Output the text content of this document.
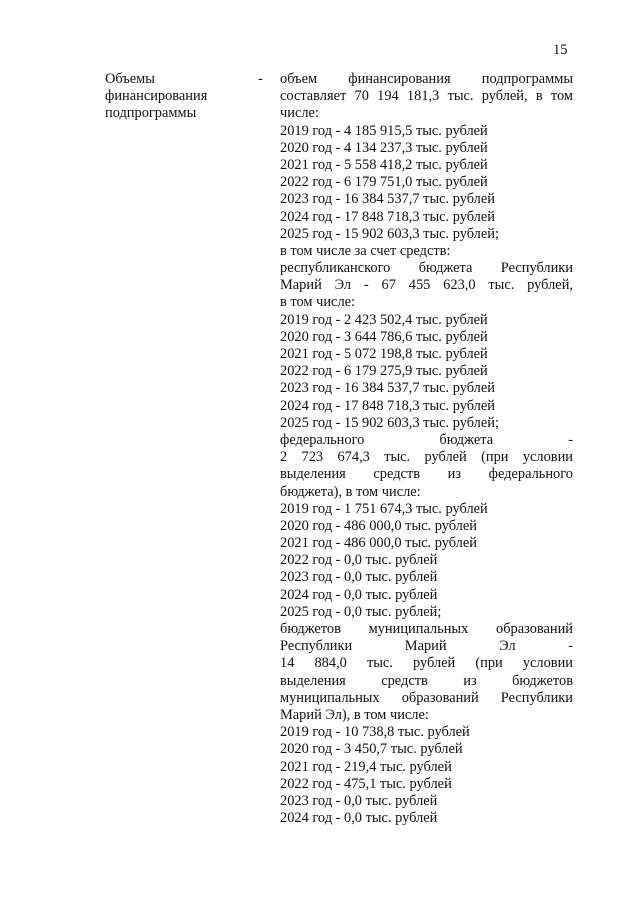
15
Объемы
финансирования
подпрограммы
- объем финансирования подпрограммы
составляет 70 194 181,3 тыс. рублей, в том
числе:
2019 год - 4 185 915,5 тыс. рублей
2020 год - 4 134 237,3 тыс. рублей
2021 год - 5 558 418,2 тыс. рублей
2022 год - 6 179 751,0 тыс. рублей
2023 год - 16 384 537,7 тыс. рублей
2024 год - 17 848 718,3 тыс. рублей
2025 год - 15 902 603,3 тыс. рублей;
в том числе за счет средств:
республиканского бюджета Республики
Марий Эл - 67 455 623,0 тыс. рублей,
в том числе:
2019 год - 2 423 502,4 тыс. рублей
2020 год - 3 644 786,6 тыс. рублей
2021 год - 5 072 198,8 тыс. рублей
2022 год - 6 179 275,9 тыс. рублей
2023 год - 16 384 537,7 тыс. рублей
2024 год - 17 848 718,3 тыс. рублей
2025 год - 15 902 603,3 тыс. рублей;
федерального бюджета -
2 723 674,3 тыс. рублей (при условии
выделения средств из федерального
бюджета), в том числе:
2019 год - 1 751 674,3 тыс. рублей
2020 год - 486 000,0 тыс. рублей
2021 год - 486 000,0 тыс. рублей
2022 год - 0,0 тыс. рублей
2023 год - 0,0 тыс. рублей
2024 год - 0,0 тыс. рублей
2025 год - 0,0 тыс. рублей;
бюджетов муниципальных образований
Республики Марий Эл -
14 884,0 тыс. рублей (при условии
выделения средств из бюджетов
муниципальных образований Республики
Марий Эл), в том числе:
2019 год - 10 738,8 тыс. рублей
2020 год - 3 450,7 тыс. рублей
2021 год - 219,4 тыс. рублей
2022 год - 475,1 тыс. рублей
2023 год - 0,0 тыс. рублей
2024 год - 0,0 тыс. рублей
